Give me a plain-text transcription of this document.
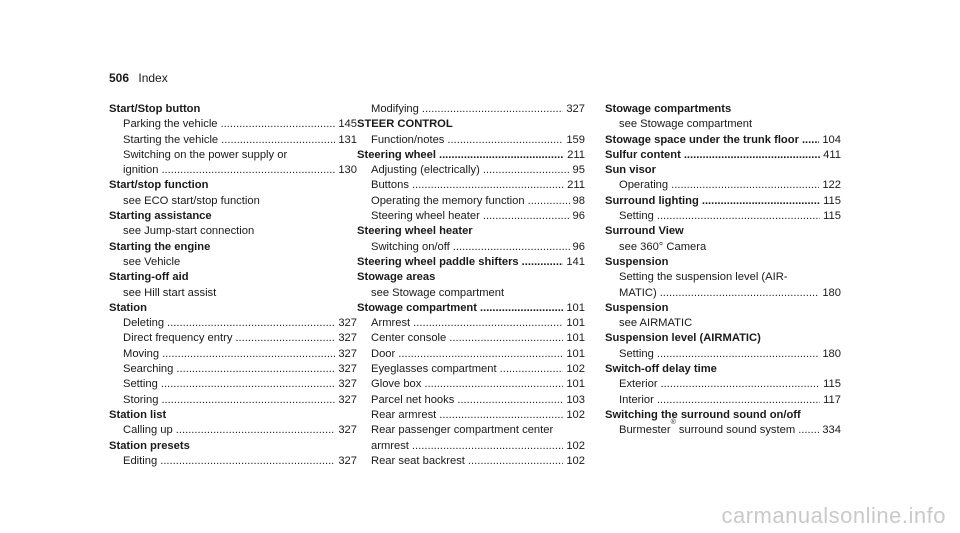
506 Index
Start/Stop button
Parking the vehicle .....	145
Starting the vehicle .....	131
Switching on the power supply or
ignition .....	130
Start/stop function
see ECO start/stop function
Starting assistance
see Jump-start connection
Starting the engine
see Vehicle
Starting-off aid
see Hill start assist
Station
Deleting .....	327
Direct frequency entry .....	327
Moving .....	327
Searching .....	327
Setting .....	327
Storing .....	327
Station list
Calling up .....	327
Station presets
Editing .....	327
Modifying .....	327
STEER CONTROL
Function/notes .....	159
Steering wheel .....	211
Adjusting (electrically) .....	95
Buttons .....	211
Operating the memory function .....	98
Steering wheel heater .....	96
Steering wheel heater
Switching on/off .....	96
Steering wheel paddle shifters .....	141
Stowage areas
see Stowage compartment
Stowage compartment .....	101
Armrest .....	101
Center console .....	101
Door .....	101
Eyeglasses compartment .....	102
Glove box .....	101
Parcel net hooks .....	103
Rear armrest .....	102
Rear passenger compartment center
armrest .....	102
Rear seat backrest .....	102
Stowage compartments
see Stowage compartment
Stowage space under the trunk floor ..... 104
Sulfur content .....	411
Sun visor
Operating .....	122
Surround lighting .....	115
Setting .....	115
Surround View
see 360° Camera
Suspension
Setting the suspension level (AIR-
MATIC) .....	180
Suspension
see AIRMATIC
Suspension level (AIRMATIC)
Setting .....	180
Switch-off delay time
Exterior .....	115
Interior .....	117
Switching the surround sound on/off
Burmester
®
surround sound system ..... 334
carmanualsonline.info
